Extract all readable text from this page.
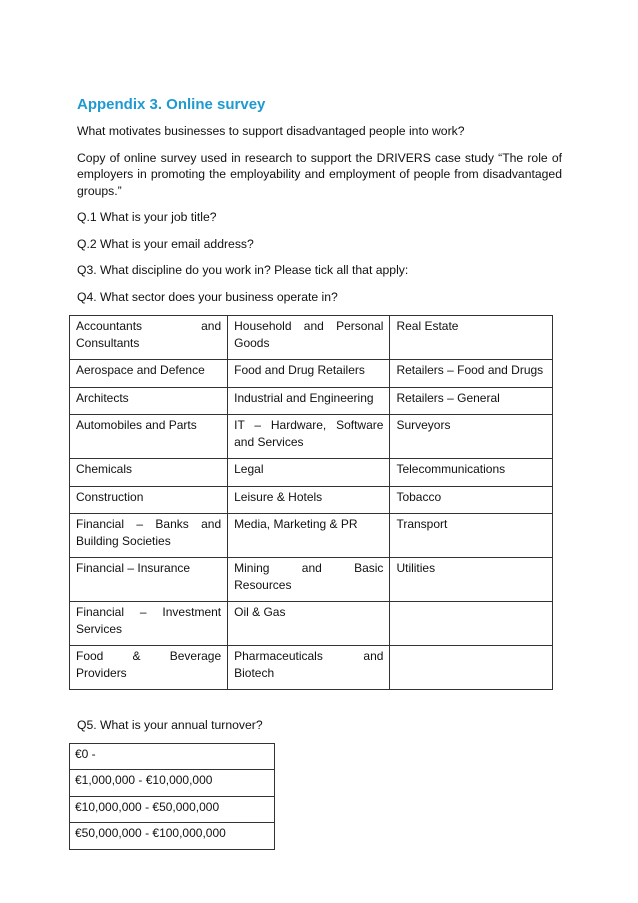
Appendix 3. Online survey

What motivates businesses to support disadvantaged people into work?

Copy of online survey used in research to support the DRIVERS case study “The role of employers in promoting the employability and employment of people from disadvantaged groups.”

Q.1 What is your job title?

Q.2 What is your email address?

Q3. What discipline do you work in? Please tick all that apply:

Q4. What sector does your business operate in?

Accountants and Consultants	Household and Personal Goods	Real Estate
Aerospace and Defence	Food and Drug Retailers	Retailers – Food and Drugs
Architects	Industrial and Engineering	Retailers – General
Automobiles and Parts	IT – Hardware, Software and Services	Surveyors
Chemicals	Legal	Telecommunications
Construction	Leisure & Hotels	Tobacco
Financial – Banks and Building Societies	Media, Marketing & PR	Transport
Financial – Insurance	Mining and Basic Resources	Utilities
Financial – Investment Services	Oil & Gas	
Food & Beverage Providers	Pharmaceuticals and Biotech	

Q5. What is your annual turnover?

€0 -
€1,000,000 - €10,000,000
€10,000,000 - €50,000,000
€50,000,000 - €100,000,000
